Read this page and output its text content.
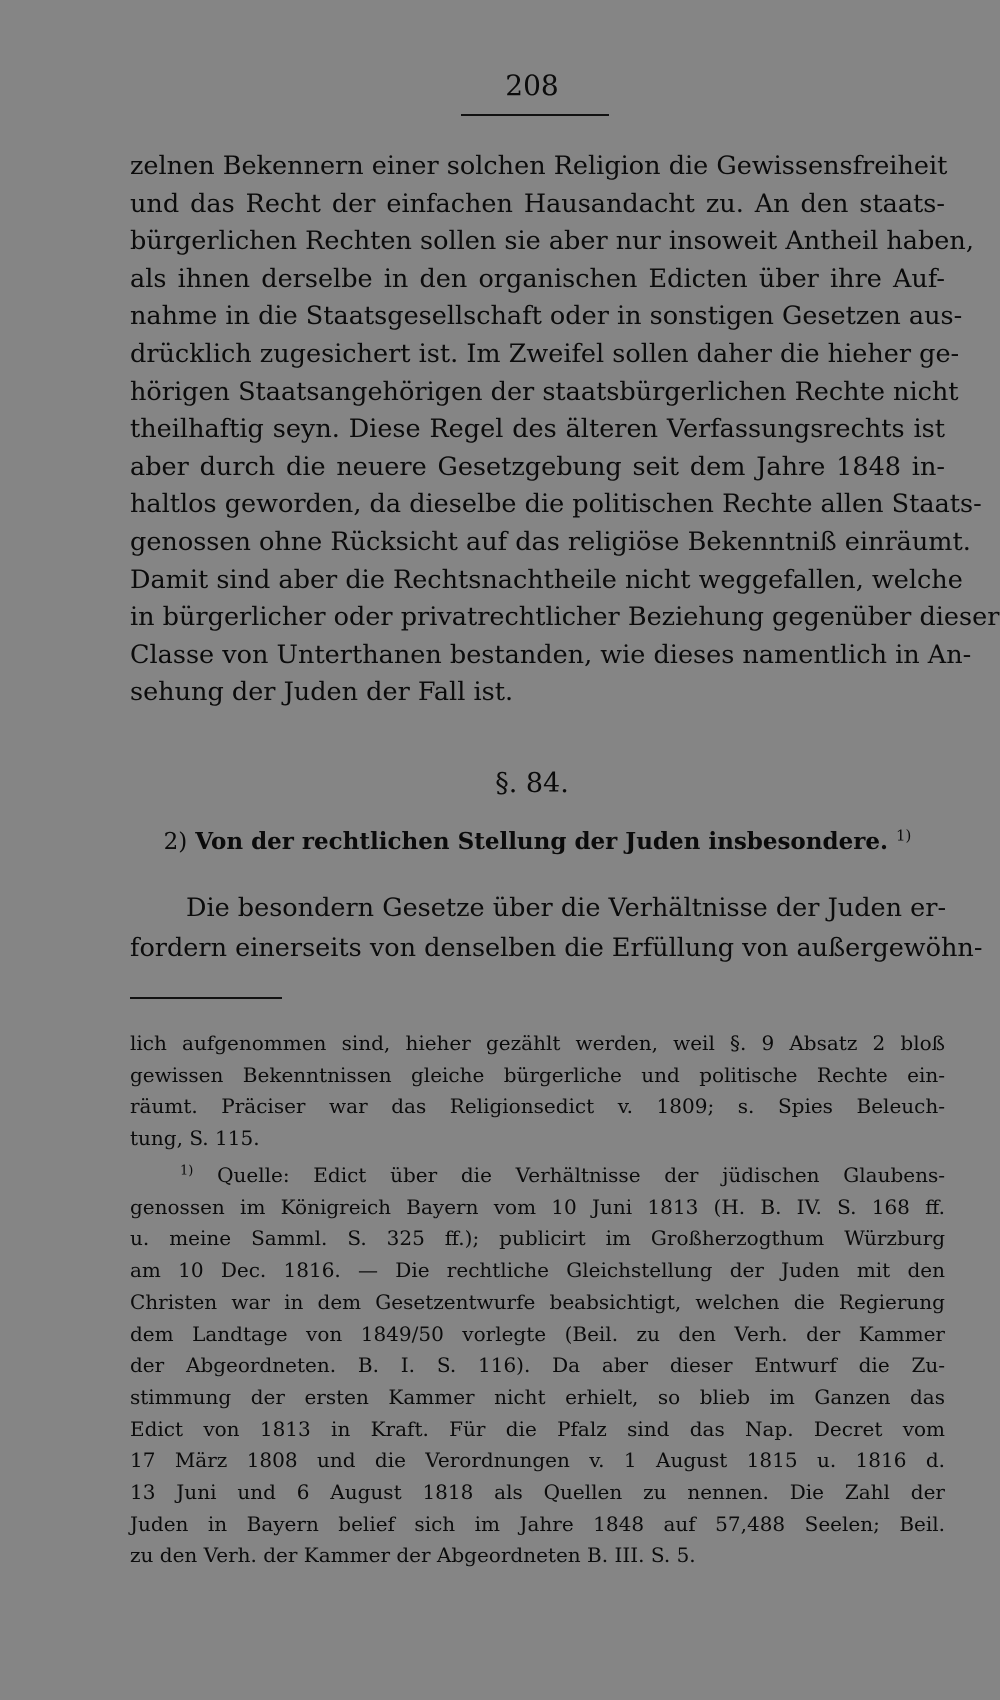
208
zelnen Bekennern einer solchen Religion die Gewissensfreiheit
und das Recht der einfachen Hausandacht zu. An den staats-
bürgerlichen Rechten sollen sie aber nur insoweit Antheil haben,
als ihnen derselbe in den organischen Edicten über ihre Auf-
nahme in die Staatsgesellschaft oder in sonstigen Gesetzen aus-
drücklich zugesichert ist. Im Zweifel sollen daher die hieher ge-
hörigen Staatsangehörigen der staatsbürgerlichen Rechte nicht
theilhaftig seyn. Diese Regel des älteren Verfassungsrechts ist
aber durch die neuere Gesetzgebung seit dem Jahre 1848 in-
haltlos geworden, da dieselbe die politischen Rechte allen Staats-
genossen ohne Rücksicht auf das religiöse Bekenntniß einräumt.
Damit sind aber die Rechtsnachtheile nicht weggefallen, welche
in bürgerlicher oder privatrechtlicher Beziehung gegenüber dieser
Classe von Unterthanen bestanden, wie dieses namentlich in An-
sehung der Juden der Fall ist.
§. 84.
2) Von der rechtlichen Stellung der Juden insbesondere. $^{1)}$
Die besondern Gesetze über die Verhältnisse der Juden er-
fordern einerseits von denselben die Erfüllung von außergewöhn-
lich aufgenommen sind, hieher gezählt werden, weil §. 9 Absatz 2 bloß
gewissen Bekenntnissen gleiche bürgerliche und politische Rechte ein-
räumt. Präciser war das Religionsedict v. 1809; s. Spies Beleuch-
tung, S. 115.
$^{1)}$ Quelle: Edict über die Verhältnisse der jüdischen Glaubens-
genossen im Königreich Bayern vom 10 Juni 1813 (H. B. IV. S. 168 ff.
u. meine Samml. S. 325 ff.); publicirt im Großherzogthum Würzburg
am 10 Dec. 1816. — Die rechtliche Gleichstellung der Juden mit den
Christen war in dem Gesetzentwurfe beabsichtigt, welchen die Regierung
dem Landtage von 1849/50 vorlegte (Beil. zu den Verh. der Kammer
der Abgeordneten. B. I. S. 116). Da aber dieser Entwurf die Zu-
stimmung der ersten Kammer nicht erhielt, so blieb im Ganzen das
Edict von 1813 in Kraft. Für die Pfalz sind das Nap. Decret vom
17 März 1808 und die Verordnungen v. 1 August 1815 u. 1816 d.
13 Juni und 6 August 1818 als Quellen zu nennen. Die Zahl der
Juden in Bayern belief sich im Jahre 1848 auf 57,488 Seelen; Beil.
zu den Verh. der Kammer der Abgeordneten B. III. S. 5.
